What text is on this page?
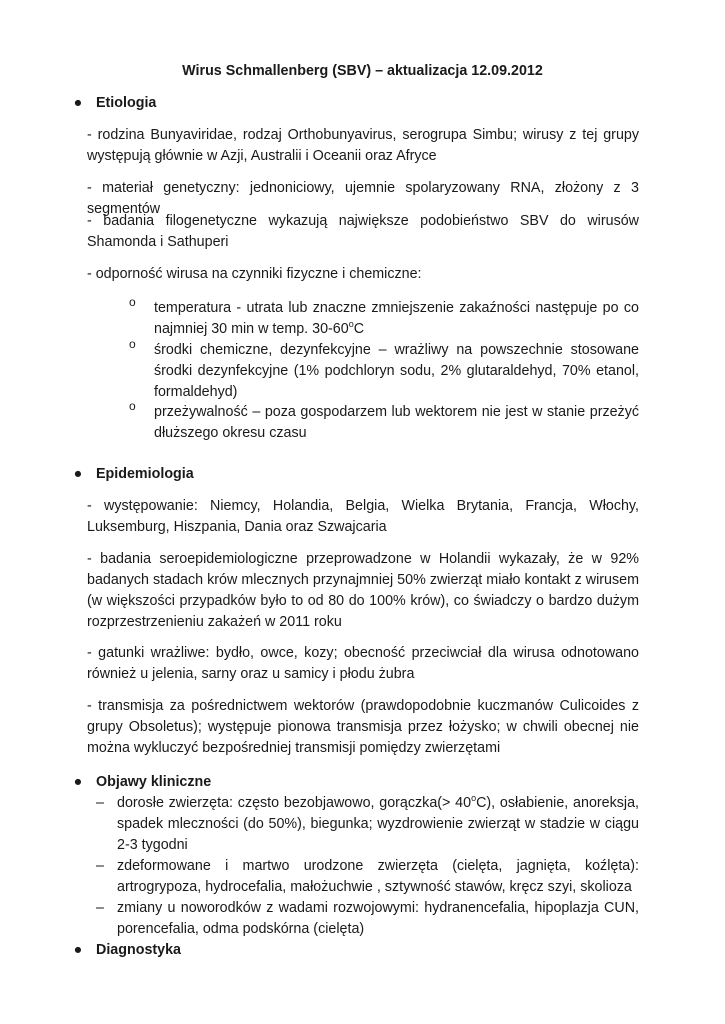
Wirus Schmallenberg (SBV) – aktualizacja 12.09.2012
● Etiologia

- rodzina Bunyaviridae, rodzaj Orthobunyavirus, serogrupa Simbu; wirusy z tej grupy występują głównie w Azji, Australii i Oceanii oraz Afryce

- materiał genetyczny: jednoniciowy, ujemnie spolaryzowany RNA, złożony z 3 segmentów

- badania filogenetyczne wykazują największe podobieństwo SBV do wirusów Shamonda i Sathuperi

- odporność wirusa na czynniki fizyczne i chemiczne:

o temperatura - utrata lub znaczne zmniejszenie zakaźności następuje po co najmniej 30 min w temp. 30-60$^o$C

o środki chemiczne, dezynfekcyjne – wrażliwy na powszechnie stosowane środki dezynfekcyjne (1% podchloryn sodu, 2% glutaraldehyd, 70% etanol, formaldehyd)

o przeżywalność – poza gospodarzem lub wektorem nie jest w stanie przeżyć dłuższego okresu czasu

● Epidemiologia

- występowanie: Niemcy, Holandia, Belgia, Wielka Brytania, Francja, Włochy, Luksemburg, Hiszpania, Dania oraz Szwajcaria

- badania seroepidemiologiczne przeprowadzone w Holandii wykazały, że w 92% badanych stadach krów mlecznych przynajmniej 50% zwierząt miało kontakt z wirusem (w większości przypadków było to od 80 do 100% krów), co świadczy o bardzo dużym rozprzestrzenieniu zakażeń w 2011 roku

- gatunki wrażliwe: bydło, owce, kozy; obecność przeciwciał dla wirusa odnotowano również u jelenia, sarny oraz u samicy i płodu żubra

- transmisja za pośrednictwem wektorów (prawdopodobnie kuczmanów Culicoides z grupy Obsoletus); występuje pionowa transmisja przez łożysko; w chwili obecnej nie można wykluczyć bezpośredniej transmisji pomiędzy zwierzętami

● Objawy kliniczne
– dorosłe zwierzęta: często bezobjawowo, gorączka(> $40^oC$), osłabienie, anoreksja, spadek mleczności (do 50%), biegunka; wyzdrowienie zwierząt w stadzie w ciągu 2-3 tygodni

– zdeformowane i martwo urodzone zwierzęta (cielęta, jagnięta, koźlęta): artrogrypoza, hydrocefalia, małożuchwie , sztywność stawów, kręcz szyi, skolioza

– zmiany u noworodków z wadami rozwojowymi: hydranencefalia, hipoplazja CUN, porencefalia, odma podskórna (cielęta)

● Diagnostyka
